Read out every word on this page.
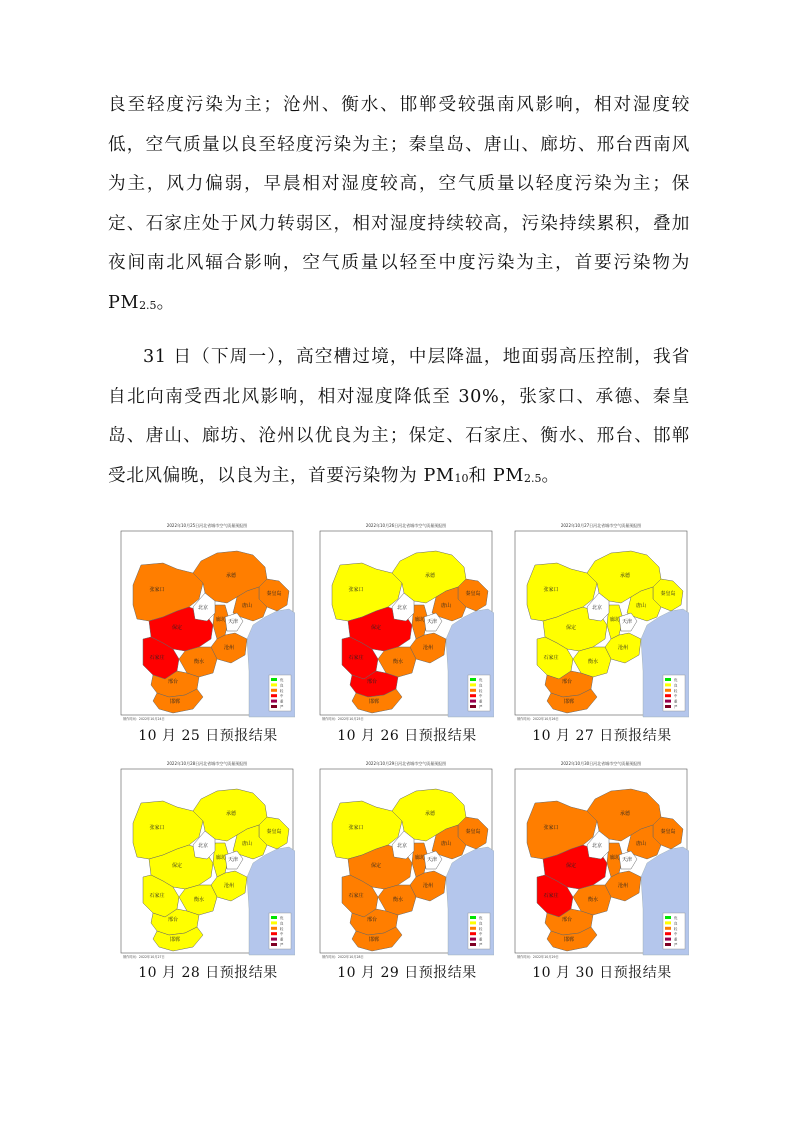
良至轻度污染为主；沧州、衡水、邯郸受较强南风影响，相对湿度较低，空气质量以良至轻度污染为主；秦皇岛、唐山、廊坊、邢台西南风为主，风力偏弱，早晨相对湿度较高，空气质量以轻度污染为主；保定、石家庄处于风力转弱区，相对湿度持续较高，污染持续累积，叠加夜间南北风辐合影响，空气质量以轻至中度污染为主，首要污染物为 $PM_{2.5}$。
31 日（下周一），高空槽过境，中层降温，地面弱高压控制，我省自北向南受西北风影响，相对湿度降低至 30%，张家口、承德、秦皇岛、唐山、廊坊、沧州以优良为主；保定、石家庄、衡水、邢台、邯郸受北风偏晚，以良为主，首要污染物为 $PM_{10}$和 $PM_{2.5}$。
2022年10月25日河北省城市空气质量预报图
张家口
承德
秦皇岛
唐山
廊坊
保定
石家庄
沧州
衡水
邢台
邯郸
北京
天津
优
良
轻
中
重
严
制作时间：2022年10月24日
2022年10月26日河北省城市空气质量预报图
张家口
承德
秦皇岛
唐山
廊坊
保定
石家庄
沧州
衡水
邢台
邯郸
北京
天津
优
良
轻
中
重
严
制作时间：2022年10月25日
2022年10月27日河北省城市空气质量预报图
张家口
承德
秦皇岛
唐山
廊坊
保定
石家庄
沧州
衡水
邢台
邯郸
北京
天津
优
良
轻
中
重
严
制作时间：2022年10月26日
2022年10月28日河北省城市空气质量预报图
张家口
承德
秦皇岛
唐山
廊坊
保定
石家庄
沧州
衡水
邢台
邯郸
北京
天津
优
良
轻
中
重
严
制作时间：2022年10月27日
2022年10月29日河北省城市空气质量预报图
张家口
承德
秦皇岛
唐山
廊坊
保定
石家庄
沧州
衡水
邢台
邯郸
北京
天津
优
良
轻
中
重
严
制作时间：2022年10月28日
2022年10月30日河北省城市空气质量预报图
张家口
承德
秦皇岛
唐山
廊坊
保定
石家庄
沧州
衡水
邢台
邯郸
北京
天津
优
良
轻
中
重
严
制作时间：2022年10月29日
10 月 25 日预报结果	10 月 26 日预报结果	10 月 27 日预报结果
10 月 28 日预报结果	10 月 29 日预报结果	10 月 30 日预报结果
